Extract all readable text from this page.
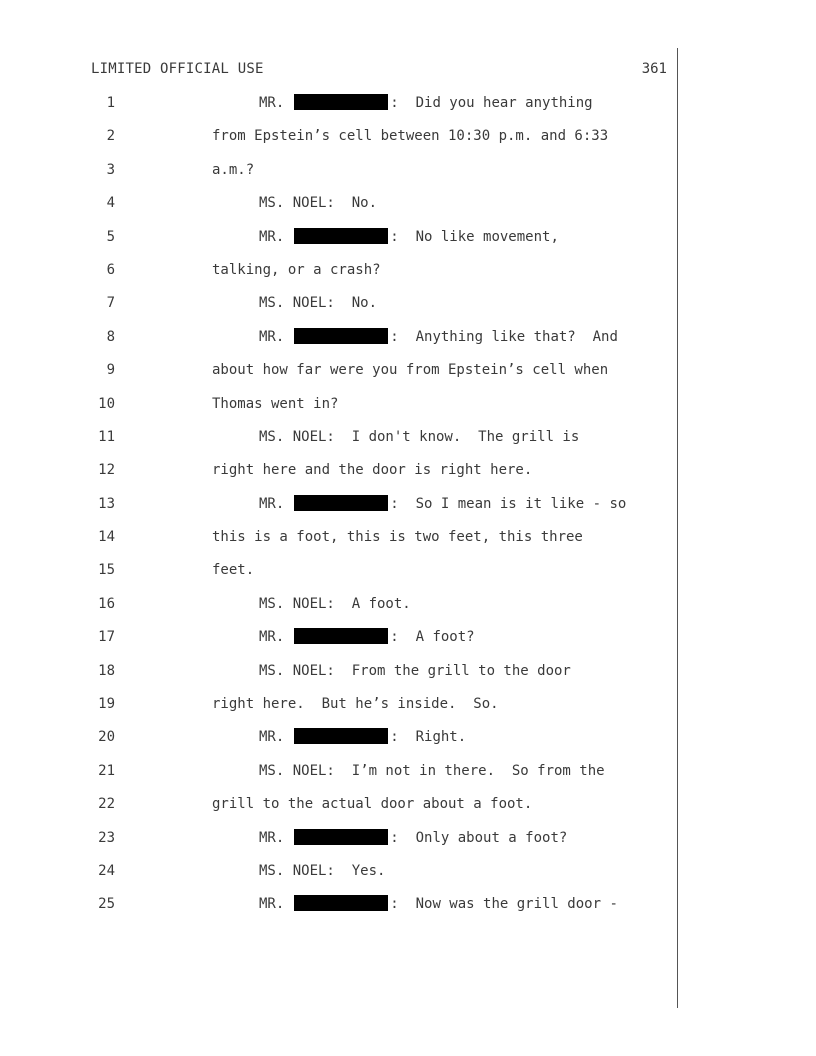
LIMITED OFFICIAL USE	361
1	MR.	:  Did you hear anything
2	from Epstein’s cell between 10:30 p.m. and 6:33
3	a.m.?
4	MS. NOEL:  No.
5	MR.	:  No like movement,
6	talking, or a crash?
7	MS. NOEL:  No.
8	MR.	:  Anything like that?  And
9	about how far were you from Epstein’s cell when
10	Thomas went in?
11	MS. NOEL:  I don't know.  The grill is
12	right here and the door is right here.
13	MR.	:  So I mean is it like - so
14	this is a foot, this is two feet, this three
15	feet.
16	MS. NOEL:  A foot.
17	MR.	:  A foot?
18	MS. NOEL:  From the grill to the door
19	right here.  But he’s inside.  So.
20	MR.	:  Right.
21	MS. NOEL:  I’m not in there.  So from the
22	grill to the actual door about a foot.
23	MR.	:  Only about a foot?
24	MS. NOEL:  Yes.
25	MR.	:  Now was the grill door -
